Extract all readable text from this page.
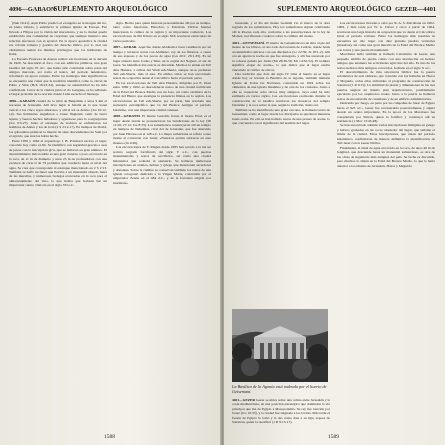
4096—GABAON
SUPLEMENTO ARQUEOLÓGICO

(Neh 16:41). Aquí Pablo predicó el evangelio en la margen del río, en pleno sábado, y estableció la primera iglesia de Europa. Fue llevado a Filipos por la visión del macedonio, y en la ciudad quedó establecida una comunidad de creyentes que siempre mantuvo una relación afectuosa con el apóstol. En la época apostólica la ciudad era colonia romana y gozaba del derecho itálico, por lo cual sus ciudadanos tenían los mismos privilegios que los habitantes de Italia.

La Escuela Francesa de Atenas realizó excavaciones en la década de 1920. Se descubrió el foro, con sus edificios públicos, una gran basílica del siglo VI d.C. que había sido construida sobre parte del antiguo mercado, así como el teatro, del periodo helenístico, reformado en época romana. Entre los hallazgos más significativos se encuentra una cripta que la tradición identifica como la cárcel de Pablo y Silas (Hch 16:23-34), aunque su autenticidad no ha sido confirmada. Cerca de la ciudad, junto al río Gangites, se ha señalado el lugar probable de la oración donde Lidia escuchó el mensaje.

4096—GABAÓN ciudad de la tribu de Benjamín, a unos 9 km al noroeste de Jerusalén. Allí tuvo lugar la batalla en la que Josué venció a los cinco reyes amorreos, y allí el sol se detuvo (Jos 10:12-14). Sus habitantes engañaron a Josué fingiendo venir de tierra lejana, y fueron hechos leñadores y aguadores para la congregación (Jos 9:3-27). Junto al estanque de Gabaón se enfrentaron los hombres de Abner y los de Joab (2 S 2:12-17). En tiempos de David, los gabaonitas pidieron la muerte de siete descendientes de Saúl por el agravio que éste les había hecho.

Entre 1956 y 1962 el arqueólogo J. B. Pritchard excavó el lugar, conocido hoy como el-Jib. Se identificó con seguridad gracias a asas de jarras con la inscripción gb'n, que se hallaron en gran número. El descubrimiento más notable es una gran cisterna o pozo excavado en la roca, de 11 m de diámetro y unos 25 m de profundidad, con una escalera de caracol de 79 peldaños que conducía hasta el nivel del agua. Se cree que corresponde al estanque mencionado en 2 S 2:13. También se halló un túnel que llevaba a un manantial situado fuera de las murallas, y numerosas bodegas excavadas en la roca para el almacenamiento del vino, lo que indica que Gabaón fue un importante centro vinícola en el siglo VII a.C.

siglo. Hecho para quien hicieron personalmente allí por su tiempo, tanto como Jenofonte, Herodoto y Estrabón. Dichas fuentes mencionan la cultura de la región y su importante comercio. Las excavaciones de Pitt Rivers en el siglo XIX revelaron estructuras de varios períodos.

4097—GERAR. Aquí fue donde Abraham e Isaac residieron por un tiempo y tuvieron tratos con Abimelec, rey de los filisteos, a causa de sus esposas y de los pozos de agua (Gn 20:1; 26:1-33). Es un lugar situado entre Cades y Shur, en la región del Neguev, al sur de Gaza. Su identificación exacta es discutida. Muchos la sitúan en Tell Abu Hureira, a orillas del Wadi esh-Sheria, aunque otros prefieren Tell esh-Sheria, más al este. En ambos sitios se han encontrado restos de ocupación desde el Calcolítico hasta el período persa.

En las excavaciones de Tell Abu Hureira, dirigidas por E. Oren entre 1982 y 1992, se descubrieron restos de una ciudad fortificada de la Edad del Bronce Medio con un foso, así como cerámica de la Edad del Hierro que atestigua la presencia filistea en la región. Las excavaciones en Tell esh-Sheria, por su parte, han revelado una secuencia estratigráfica que va del Bronce Antiguo al período bizantino, con una importante ciudad cananea.

4098—GERIZIM. El monte Gerizim, frente al monte Ebal, es el lugar desde donde se pronunciaron las bendiciones de la ley (Dt 11:29; 27:12; Jos 8:33). Los samaritanos construyeron allí un templo en tiempos de Nehemías, rival del de Jerusalén, que fue destruido por Juan Hircano en el 128 a.C. La mujer samaritana se refirió a este monte al conversar con Jesús: «Nuestros padres adoraron en este monte» (Jn 4:20).

Las excavaciones de Y. Magen desde 1983 han sacado a la luz un recinto sagrado fortificado del siglo V a.C., con puertas monumentales y restos de sacrificios, así como una ciudad helenística que rodeaba el santuario. Se hallaron numerosas inscripciones en arameo, hebreo y griego que mencionan sacerdotes y donantes. Sobre la cumbre se conservan también los restos de una iglesia octogonal dedicada a la Virgen María, construida por el emperador Zenón en el 484 d.C., y de la fortaleza erigida por Justiniano.

1588
SUPLEMENTO ARQUEOLÓGICO GEZER—4401

Jerusalén, y el día del monte Gerizim vio el marco de la obra sagrada de los samaritanos. Hoy los samaritanos siguen celebrando allí la Pascua cada año, conforme a las prescripciones de la ley de Moisés, sacrificando corderos sobre la cumbre del monte.

4401—GETSEMANÍ. El huerto de Getsemaní era un sitio al pie del monte de los Olivos, al otro lado del torrente de Cedrón, donde Jesús acostumbraba retirarse con sus discípulos (Lc 22:39; Jn 18:1-2). Allí oró en agonía la noche en que fue entregado, y allí fue arrestado por la cohorte guiada por Judas (Mt 26:36-56; Mr 14:32-52). El nombre significa «lagar de aceite», lo que indica que el lugar estaba vinculado al cultivo de olivos.

Una tradición que data del siglo IV sitúa el huerto en el lugar donde hoy se levanta la Basílica de la Agonía, también llamada Iglesia de Todas las Naciones, construida en 1924 sobre los cimientos de una iglesia bizantina y de otra de los cruzados. Junto a ella se conservan ocho olivos muy antiguos, cuya edad ha sido estimada en varios siglos. Las excavaciones realizadas durante la construcción de la basílica revelaron los mosaicos del templo bizantino y la roca sobre la que, según la tradición, Jesús oró.

También se ha identificado una gruta cercana, la llamada Gruta de Getsemaní, como el lugar donde los discípulos se quedaron mientras Jesús oraba. En ella se han hallado restos de una prensa de aceite, lo que concuerda con el significado del nombre del lugar.

La Basílica de la Agonía está rodeada por el huerto de Getsemaní.

4401—GEZER Gezer se ubica sobre una colina entre Jerusalén y la costa mediterránea, en una posición estratégica que dominaba la vía principal que iba de Egipto a Mesopotamia. Su rey fue vencido por Josué (Jos 10:33), y la ciudad fue asignada a los levitas. Más tarde el faraón de Egipto la tomó y la dio como dote a su hija, esposa de Salomón, quien la reedificó (1 R 9:15-17).

Las excavaciones llevadas a cabo por R. A. S. Macalister en 1902-1909, y más tarde por W. G. Dever y otros a partir de 1964, revelaron una larga historia de ocupación que va desde el Calcolítico hasta el período romano. Entre los hallazgos más notables se encuentra un alto lugar con diez grandes piedras verticales (masebas), así como una gran muralla de la Edad del Bronce Medio con torres y una puerta monumental.

Macalister halló también el llamado Calendario de Gezer, una pequeña tablilla de piedra caliza con una inscripción en hebreo antiguo que enumera las actividades agrícolas del año. Es uno de los textos hebreos más antiguos conocidos, fechado en el siglo X a.C.

El descubrimiento de más relevancia bíblica fue la puerta salomónica de seis cámaras, que coincide con las halladas en Hazor y Meguido, todas ellas atribuidas al programa de construcción de Salomón (1 R 9:15). La similitud de planta y dimensiones de las tres puertas sugiere un mismo plan arquitectónico, posiblemente ejecutado por los arquitectos reales. Junto a la puerta se hallaron restos de una muralla de casamatas y de un edificio administrativo.

Destruida por fuego, en parte por las campañas de Sisac de Egipto hacia el 925 a.C., Gezer fue reconstruida posteriormente y siguió siendo un centro importante. En la época de los Macabeos fue conquistada por Simón, quien la fortificó y construyó allí su residencia (1 Mac 13:43-48).

Se han encontrado además varias inscripciones bilingües en griego y hebreo grabadas en las rocas alrededor del lugar, que señalan el límite de la ciudad. Estas inscripciones, que datan del período helenístico, confirmaron de manera definitiva la identificación de Tell Jezer con la Gezer bíblica.

Finalmente, el túnel de agua excavado en la roca, de unos 40 m de longitud, que desciende hasta un manantial subterráneo, es otra de las obras de ingeniería más antiguas del país. Su fecha es discutida, pero muchos lo sitúan en la Edad del Bronce Medio, lo que lo haría anterior a los túneles de Jerusalén, Hazor y Meguido.

1589
